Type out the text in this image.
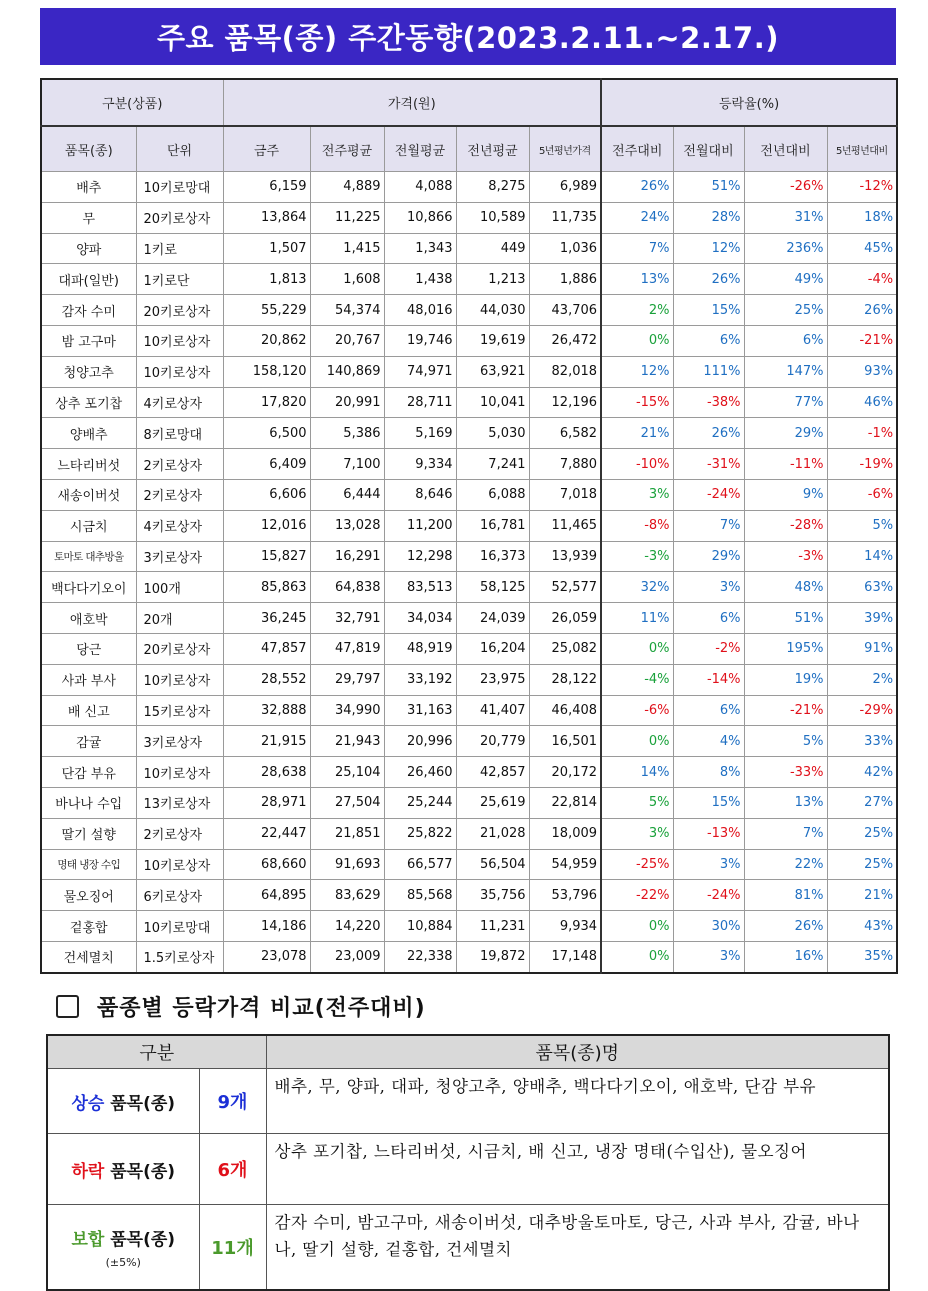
주요 품목(종) 주간동향(2023.2.11.~2.17.)
구분(상품)		가격(원)					등락율(%)			
품목(종)	단위	금주	전주평균	전월평균	전년평균	5년평년가격	전주대비	전월대비	전년대비	5년평년대비
배추	10키로망대	6,159	4,889	4,088	8,275	6,989	26%	51%	-26%	-12%
무	20키로상자	13,864	11,225	10,866	10,589	11,735	24%	28%	31%	18%
양파	1키로	1,507	1,415	1,343	449	1,036	7%	12%	236%	45%
대파(일반)	1키로단	1,813	1,608	1,438	1,213	1,886	13%	26%	49%	-4%
감자 수미	20키로상자	55,229	54,374	48,016	44,030	43,706	2%	15%	25%	26%
밤 고구마	10키로상자	20,862	20,767	19,746	19,619	26,472	0%	6%	6%	-21%
청양고추	10키로상자	158,120	140,869	74,971	63,921	82,018	12%	111%	147%	93%
상추 포기찹	4키로상자	17,820	20,991	28,711	10,041	12,196	-15%	-38%	77%	46%
양배추	8키로망대	6,500	5,386	5,169	5,030	6,582	21%	26%	29%	-1%
느타리버섯	2키로상자	6,409	7,100	9,334	7,241	7,880	-10%	-31%	-11%	-19%
새송이버섯	2키로상자	6,606	6,444	8,646	6,088	7,018	3%	-24%	9%	-6%
시금치	4키로상자	12,016	13,028	11,200	16,781	11,465	-8%	7%	-28%	5%
토마토 대추방울	3키로상자	15,827	16,291	12,298	16,373	13,939	-3%	29%	-3%	14%
백다다기오이	100개	85,863	64,838	83,513	58,125	52,577	32%	3%	48%	63%
애호박	20개	36,245	32,791	34,034	24,039	26,059	11%	6%	51%	39%
당근	20키로상자	47,857	47,819	48,919	16,204	25,082	0%	-2%	195%	91%
사과 부사	10키로상자	28,552	29,797	33,192	23,975	28,122	-4%	-14%	19%	2%
배 신고	15키로상자	32,888	34,990	31,163	41,407	46,408	-6%	6%	-21%	-29%
감귤	3키로상자	21,915	21,943	20,996	20,779	16,501	0%	4%	5%	33%
단감 부유	10키로상자	28,638	25,104	26,460	42,857	20,172	14%	8%	-33%	42%
바나나 수입	13키로상자	28,971	27,504	25,244	25,619	22,814	5%	15%	13%	27%
딸기 설향	2키로상자	22,447	21,851	25,822	21,028	18,009	3%	-13%	7%	25%
명태 냉장 수입	10키로상자	68,660	91,693	66,577	56,504	54,959	-25%	3%	22%	25%
물오징어	6키로상자	64,895	83,629	85,568	35,756	53,796	-22%	-24%	81%	21%
겉홍합	10키로망대	14,186	14,220	10,884	11,231	9,934	0%	30%	26%	43%
건세멸치	1.5키로상자	23,078	23,009	22,338	19,872	17,148	0%	3%	16%	35%
품종별 등락가격 비교(전주대비)
구분		품목(종)명
상승 품목(종)	9개	배추, 무, 양파, 대파, 청양고추, 양배추, 백다다기오이, 애호박, 단감 부유
하락 품목(종)	6개	상추 포기찹, 느타리버섯, 시금치, 배 신고, 냉장 명태(수입산), 물오징어
보합 품목(종)
(±5%)	11개	감자 수미, 밤고구마, 새송이버섯, 대추방울토마토, 당근, 사과 부사, 감귤, 바나나, 딸기 설향, 겉홍합, 건세멸치
